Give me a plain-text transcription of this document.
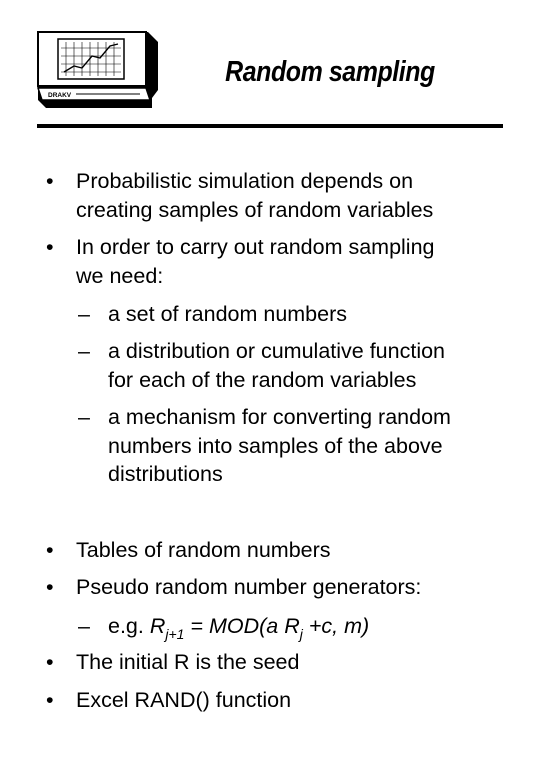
DRAKV
Random sampling
•	Probabilistic simulation depends on
creating samples of random variables
•	In order to carry out random sampling
we need:
– a set of random numbers
– a distribution or cumulative function
for each of the random variables
– a mechanism for converting random
numbers into samples of the above
distributions
•	Tables of random numbers
•	Pseudo random number generators:
– e.g. $R_{j+1} = MOD(a$ $R_j +c$, m)
•	The initial R is the seed
•	Excel RAND() function
